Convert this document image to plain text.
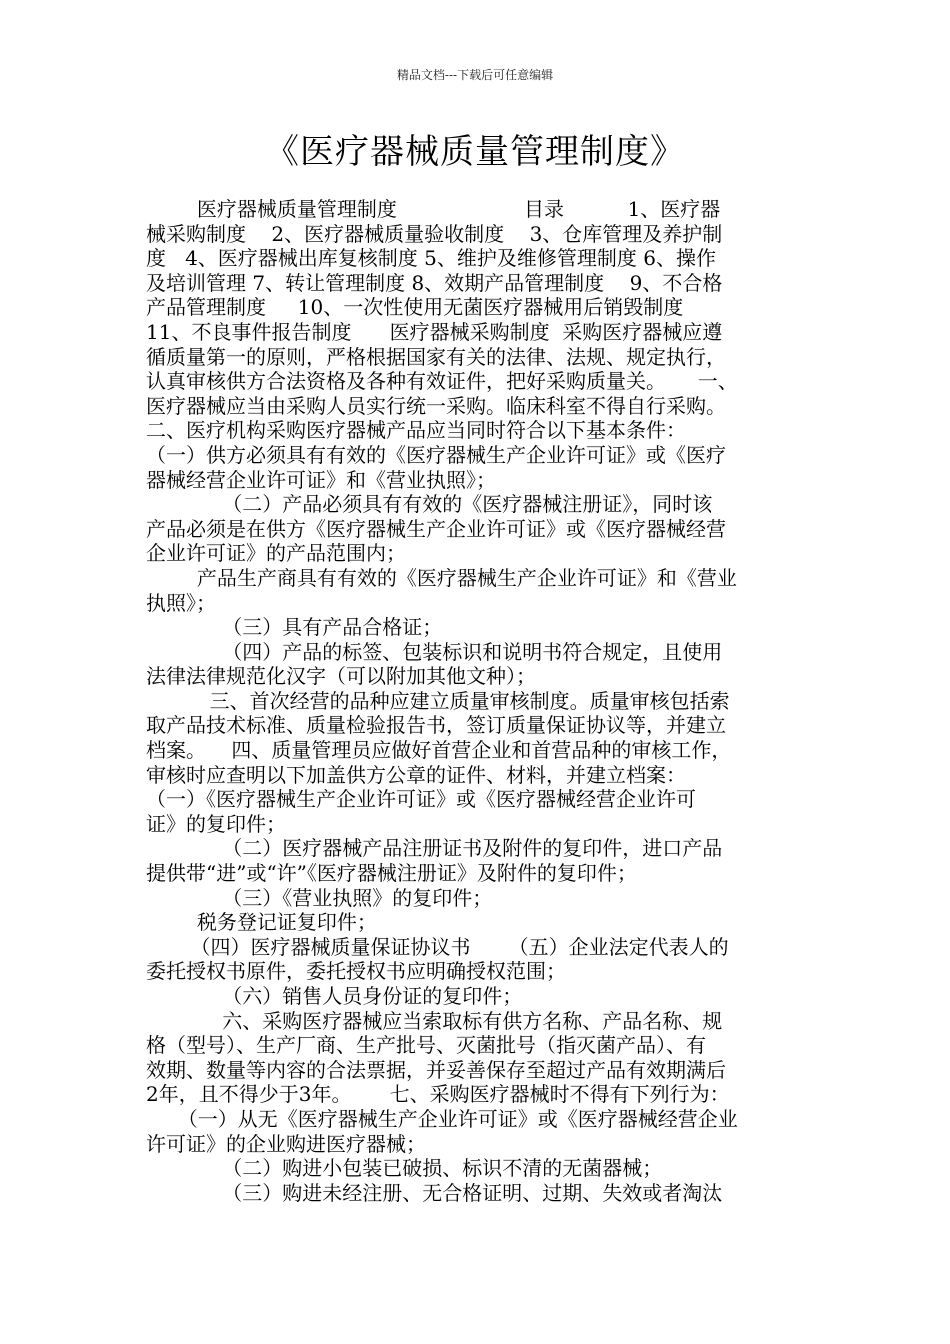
精品文档---下载后可任意编辑
《医疗器械质量管理制度》

医疗器械质量管理制度                    目录          1、医疗器

械采购制度    2、医疗器械质量验收制度    3、仓库管理及养护制

度   4、医疗器械出库复核制度 5、维护及维修管理制度 6、操作

及培训管理 7、转让管理制度 8、效期产品管理制度    9、不合格

产品管理制度     10、一次性使用无菌医疗器械用后销毁制度

11、不良事件报告制度      医疗器械采购制度  采购医疗器械应遵

循质量第一的原则，严格根据国家有关的法律、法规、规定执行，

认真审核供方合法资格及各种有效证件，把好采购质量关。     一、

医疗器械应当由采购人员实行统一采购。临床科室不得自行采购。

二、医疗机构采购医疗器械产品应当同时符合以下基本条件：

（一）供方必须具有有效的《医疗器械生产企业许可证》或《医疗

器械经营企业许可证》和《营业执照》；

（二）产品必须具有有效的《医疗器械注册证》，同时该

产品必须是在供方《医疗器械生产企业许可证》或《医疗器械经营

企业许可证》的产品范围内；

产品生产商具有有效的《医疗器械生产企业许可证》和《营业

执照》；

（三）具有产品合格证；

（四）产品的标签、包装标识和说明书符合规定，且使用

法律法律规范化汉字（可以附加其他文种）；

三、首次经营的品种应建立质量审核制度。质量审核包括索

取产品技术标准、质量检验报告书，签订质量保证协议等，并建立

档案。    四、质量管理员应做好首营企业和首营品种的审核工作，

审核时应查明以下加盖供方公章的证件、材料，并建立档案：

（一）《医疗器械生产企业许可证》或《医疗器械经营企业许可

证》的复印件；

（二）医疗器械产品注册证书及附件的复印件，进口产品

提供带“进”或“许”《医疗器械注册证》及附件的复印件；

（三）《营业执照》的复印件；

税务登记证复印件；

（四）医疗器械质量保证协议书      （五）企业法定代表人的

委托授权书原件，委托授权书应明确授权范围；

（六）销售人员身份证的复印件；

六、采购医疗器械应当索取标有供方名称、产品名称、规

格（型号）、生产厂商、生产批号、灭菌批号（指灭菌产品）、有

效期、数量等内容的合法票据，并妥善保存至超过产品有效期满后

2年，且不得少于3年。      七、采购医疗器械时不得有下列行为：

（一）从无《医疗器械生产企业许可证》或《医疗器械经营企业

许可证》的企业购进医疗器械；

（二）购进小包装已破损、标识不清的无菌器械；

（三）购进未经注册、无合格证明、过期、失效或者淘汰
